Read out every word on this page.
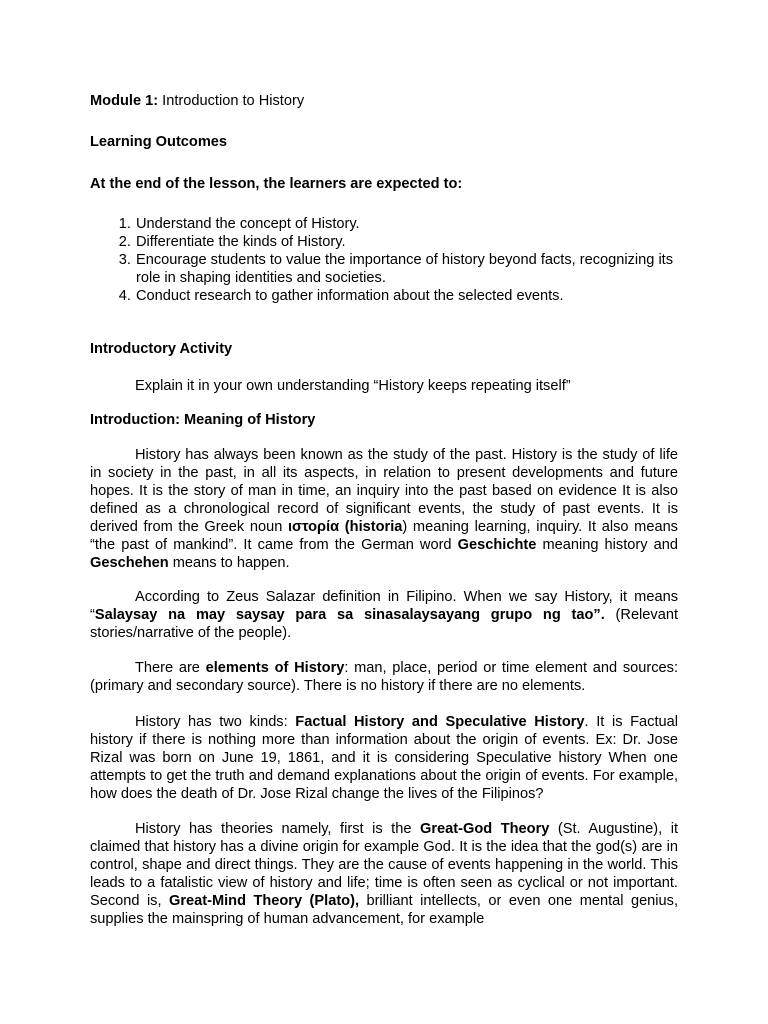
Module 1: Introduction to History
Learning Outcomes
At the end of the lesson, the learners are expected to:
1. Understand the concept of History.
2. Differentiate the kinds of History.
3. Encourage students to value the importance of history beyond facts, recognizing its role in shaping identities and societies.
4. Conduct research to gather information about the selected events.
Introductory Activity
Explain it in your own understanding “History keeps repeating itself”
Introduction: Meaning of History
History has always been known as the study of the past. History is the study of life in society in the past, in all its aspects, in relation to present developments and future hopes. It is the story of man in time, an inquiry into the past based on evidence It is also defined as a chronological record of significant events, the study of past events. It is derived from the Greek noun ιστορία (historia) meaning learning, inquiry. It also means “the past of mankind”. It came from the German word Geschichte meaning history and Geschehen means to happen.
According to Zeus Salazar definition in Filipino. When we say History, it means “Salaysay na may saysay para sa sinasalaysayang grupo ng tao”. (Relevant stories/narrative of the people).
There are elements of History: man, place, period or time element and sources: (primary and secondary source). There is no history if there are no elements.
History has two kinds: Factual History and Speculative History. It is Factual history if there is nothing more than information about the origin of events. Ex: Dr. Jose Rizal was born on June 19, 1861, and it is considering Speculative history When one attempts to get the truth and demand explanations about the origin of events. For example, how does the death of Dr. Jose Rizal change the lives of the Filipinos?
History has theories namely, first is the Great-God Theory (St. Augustine), it claimed that history has a divine origin for example God. It is the idea that the god(s) are in control, shape and direct things. They are the cause of events happening in the world. This leads to a fatalistic view of history and life; time is often seen as cyclical or not important. Second is, Great-Mind Theory (Plato), brilliant intellects, or even one mental genius, supplies the mainspring of human advancement, for example
